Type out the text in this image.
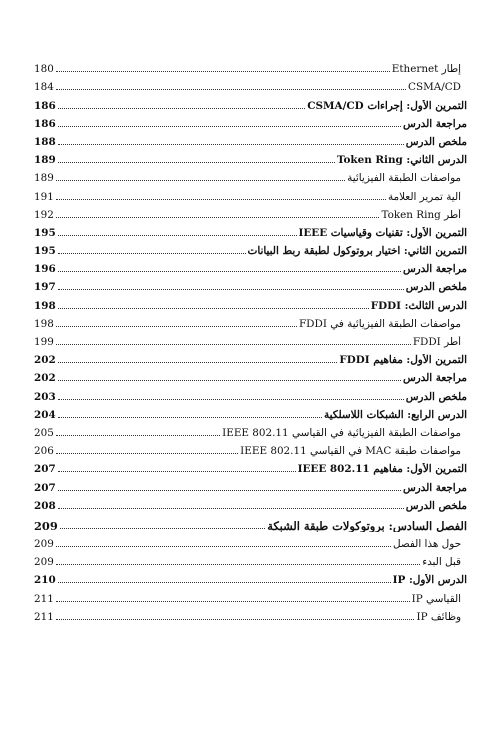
إطار Ethernet
180
CSMA/CD
184
التمرين الأول: إجراءات CSMA/CD
186
مراجعة الدرس
186
ملخص الدرس
188
الدرس الثاني: Token Ring
189
مواصفات الطبقة الفيزيائية
189
آلية تمرير العلامة
191
أطر Token Ring
192
التمرين الأول: تقنيات وقياسيات IEEE
195
التمرين الثاني: اختيار بروتوكول لطبقة ربط البيانات
195
مراجعة الدرس
196
ملخص الدرس
197
الدرس الثالث: FDDI
198
مواصفات الطبقة الفيزيائية في FDDI
198
أطر FDDI
199
التمرين الأول: مفاهيم FDDI
202
مراجعة الدرس
202
ملخص الدرس
203
الدرس الرابع: الشبكات اللاسلكية
204
مواصفات الطبقة الفيزيائية في القياسي IEEE 802.11
205
مواصفات طبقة MAC في القياسي IEEE 802.11
206
التمرين الأول: مفاهيم IEEE 802.11
207
مراجعة الدرس
207
ملخص الدرس
208
الفصل السادس: بروتوكولات طبقة الشبكة
209
حول هذا الفصل
209
قبل البدء
209
الدرس الأول: IP
210
القياسي IP
211
وظائف IP
211
